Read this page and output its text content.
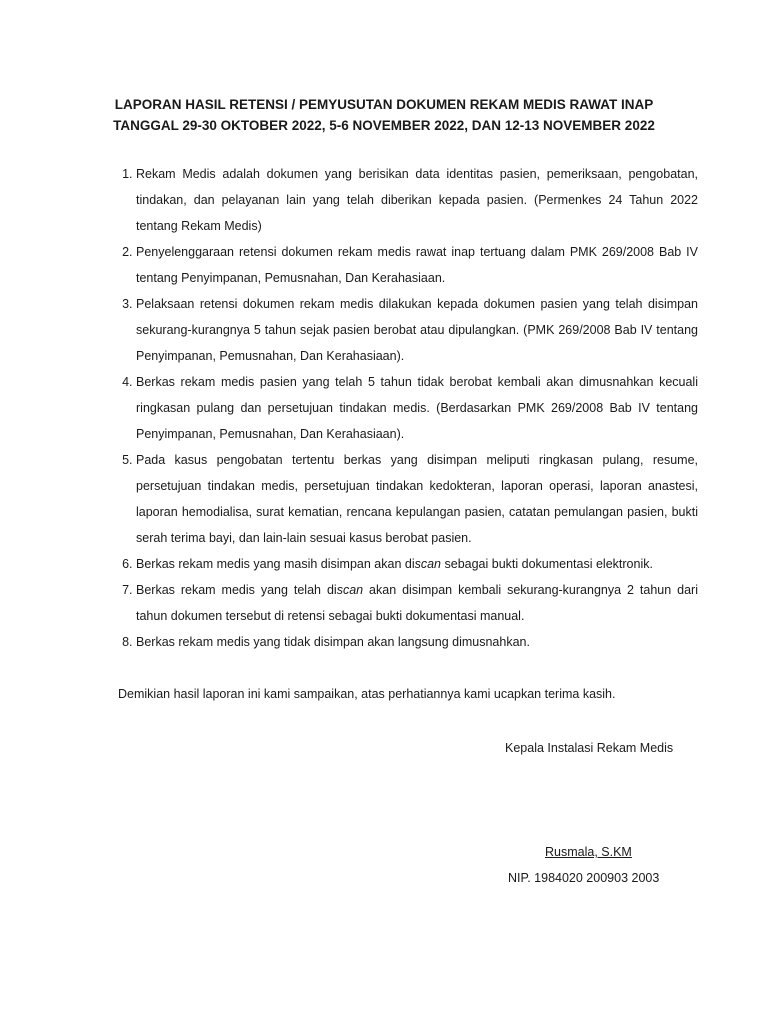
LAPORAN HASIL RETENSI / PEMYUSUTAN DOKUMEN REKAM MEDIS RAWAT INAP
TANGGAL 29-30 OKTOBER 2022, 5-6 NOVEMBER 2022, DAN 12-13 NOVEMBER 2022
1. Rekam Medis adalah dokumen yang berisikan data identitas pasien, pemeriksaan, pengobatan, tindakan, dan pelayanan lain yang telah diberikan kepada pasien. (Permenkes 24 Tahun 2022 tentang Rekam Medis)
2. Penyelenggaraan retensi dokumen rekam medis rawat inap tertuang dalam PMK 269/2008 Bab IV tentang Penyimpanan, Pemusnahan, Dan Kerahasiaan.
3. Pelaksaan retensi dokumen rekam medis dilakukan kepada dokumen pasien yang telah disimpan sekurang-kurangnya 5 tahun sejak pasien berobat atau dipulangkan. (PMK 269/2008 Bab IV tentang Penyimpanan, Pemusnahan, Dan Kerahasiaan).
4. Berkas rekam medis pasien yang telah 5 tahun tidak berobat kembali akan dimusnahkan kecuali ringkasan pulang dan persetujuan tindakan medis. (Berdasarkan PMK 269/2008 Bab IV tentang Penyimpanan, Pemusnahan, Dan Kerahasiaan).
5. Pada kasus pengobatan tertentu berkas yang disimpan meliputi ringkasan pulang, resume, persetujuan tindakan medis, persetujuan tindakan kedokteran, laporan operasi, laporan anastesi, laporan hemodialisa, surat kematian, rencana kepulangan pasien, catatan pemulangan pasien, bukti serah terima bayi, dan lain-lain sesuai kasus berobat pasien.
6. Berkas rekam medis yang masih disimpan akan discan sebagai bukti dokumentasi elektronik.
7. Berkas rekam medis yang telah discan akan disimpan kembali sekurang-kurangnya 2 tahun dari tahun dokumen tersebut di retensi sebagai bukti dokumentasi manual.
8. Berkas rekam medis yang tidak disimpan akan langsung dimusnahkan.
Demikian hasil laporan ini kami sampaikan, atas perhatiannya kami ucapkan terima kasih.
Kepala Instalasi Rekam Medis
Rusmala, S.KM
NIP. 1984020 200903 2003
